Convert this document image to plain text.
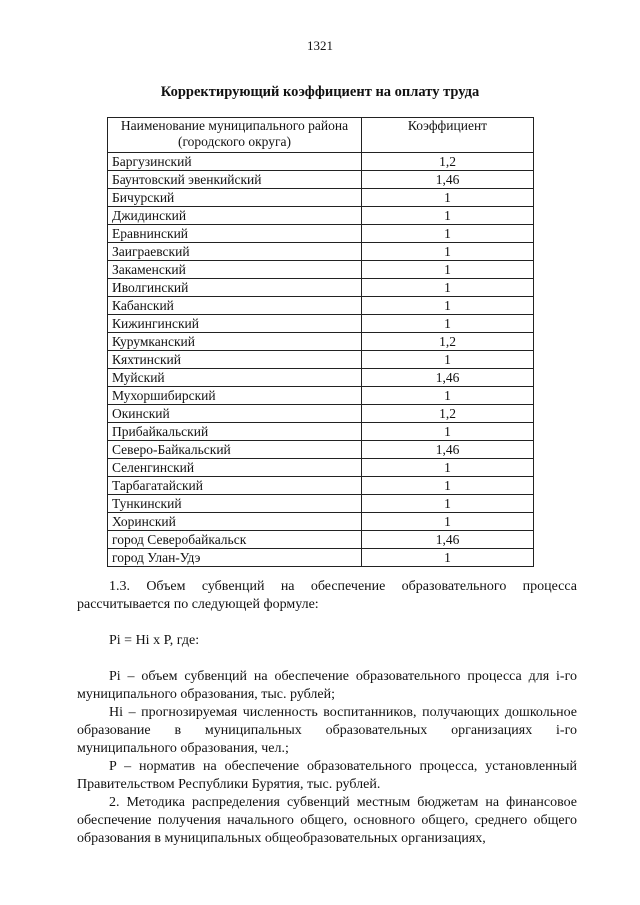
1321
Корректирующий коэффициент на оплату труда
Наименование муниципального района (городского округа)	Коэффициент
Баргузинский	1,2
Баунтовский эвенкийский	1,46
Бичурский	1
Джидинский	1
Еравнинский	1
Заиграевский	1
Закаменский	1
Иволгинский	1
Кабанский	1
Кижингинский	1
Курумканский	1,2
Кяхтинский	1
Муйский	1,46
Мухоршибирский	1
Окинский	1,2
Прибайкальский	1
Северо-Байкальский	1,46
Селенгинский	1
Тарбагатайский	1
Тункинский	1
Хоринский	1
город Северобайкальск	1,46
город Улан-Удэ	1

1.3. Объем субвенций на обеспечение образовательного процесса рассчитывается по следующей формуле:

Pi = Hi x P, где:

Pi – объем субвенций на обеспечение образовательного процесса для i-го муниципального образования, тыс. рублей;

Hi – прогнозируемая численность воспитанников, получающих дошкольное образование в муниципальных образовательных организациях i-го муниципального образования, чел.;

P – норматив на обеспечение образовательного процесса, установленный Правительством Республики Бурятия, тыс. рублей.

2. Методика распределения субвенций местным бюджетам на финансовое обеспечение получения начального общего, основного общего, среднего общего образования в муниципальных общеобразовательных организациях,
